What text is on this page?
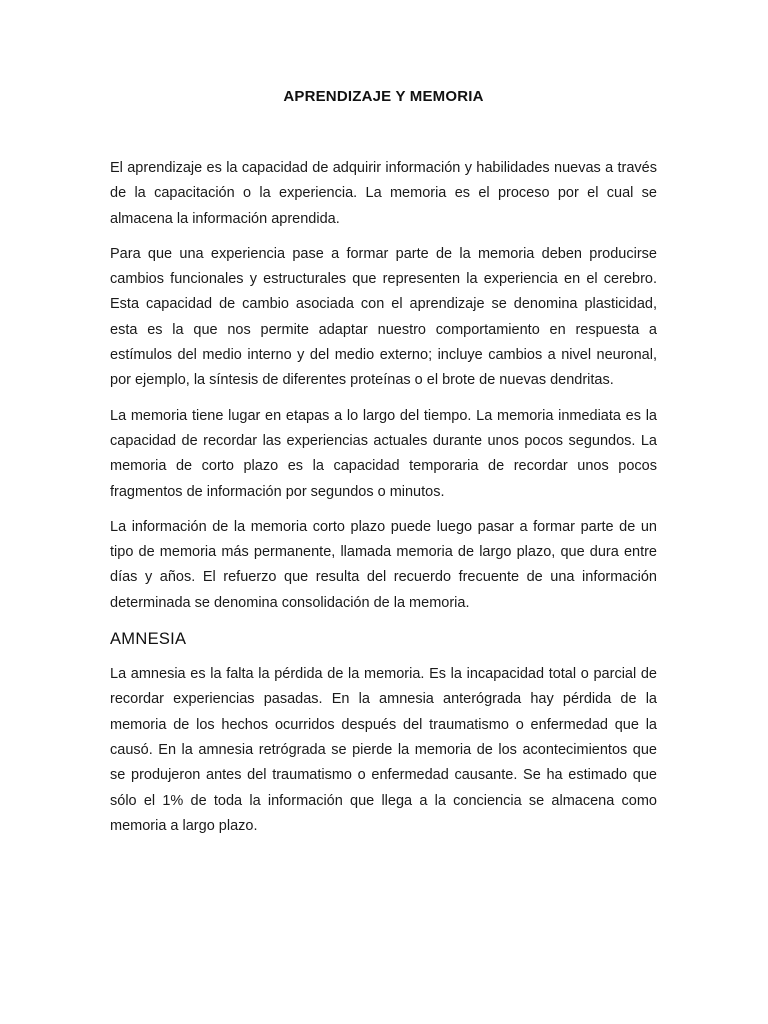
APRENDIZAJE Y MEMORIA

El aprendizaje es la capacidad de adquirir información y habilidades nuevas a través de la capacitación o la experiencia. La memoria es el proceso por el cual se almacena la información aprendida.

Para que una experiencia pase a formar parte de la memoria deben producirse cambios funcionales y estructurales que representen la experiencia en el cerebro. Esta capacidad de cambio asociada con el aprendizaje se denomina plasticidad, esta es la que nos permite adaptar nuestro comportamiento en respuesta a estímulos del medio interno y del medio externo; incluye cambios a nivel neuronal, por ejemplo, la síntesis de diferentes proteínas o el brote de nuevas dendritas.

La memoria tiene lugar en etapas a lo largo del tiempo. La memoria inmediata es la capacidad de recordar las experiencias actuales durante unos pocos segundos. La memoria de corto plazo es la capacidad temporaria de recordar unos pocos fragmentos de información por segundos o minutos.

La información de la memoria corto plazo puede luego pasar a formar parte de un tipo de memoria más permanente, llamada memoria de largo plazo, que dura entre días y años. El refuerzo que resulta del recuerdo frecuente de una información determinada se denomina consolidación de la memoria.

AMNESIA

La amnesia es la falta la pérdida de la memoria. Es la incapacidad total o parcial de recordar experiencias pasadas. En la amnesia anterógrada hay pérdida de la memoria de los hechos ocurridos después del traumatismo o enfermedad que la causó. En la amnesia retrógrada se pierde la memoria de los acontecimientos que se produjeron antes del traumatismo o enfermedad causante. Se ha estimado que sólo el 1% de toda la información que llega a la conciencia se almacena como memoria a largo plazo.
